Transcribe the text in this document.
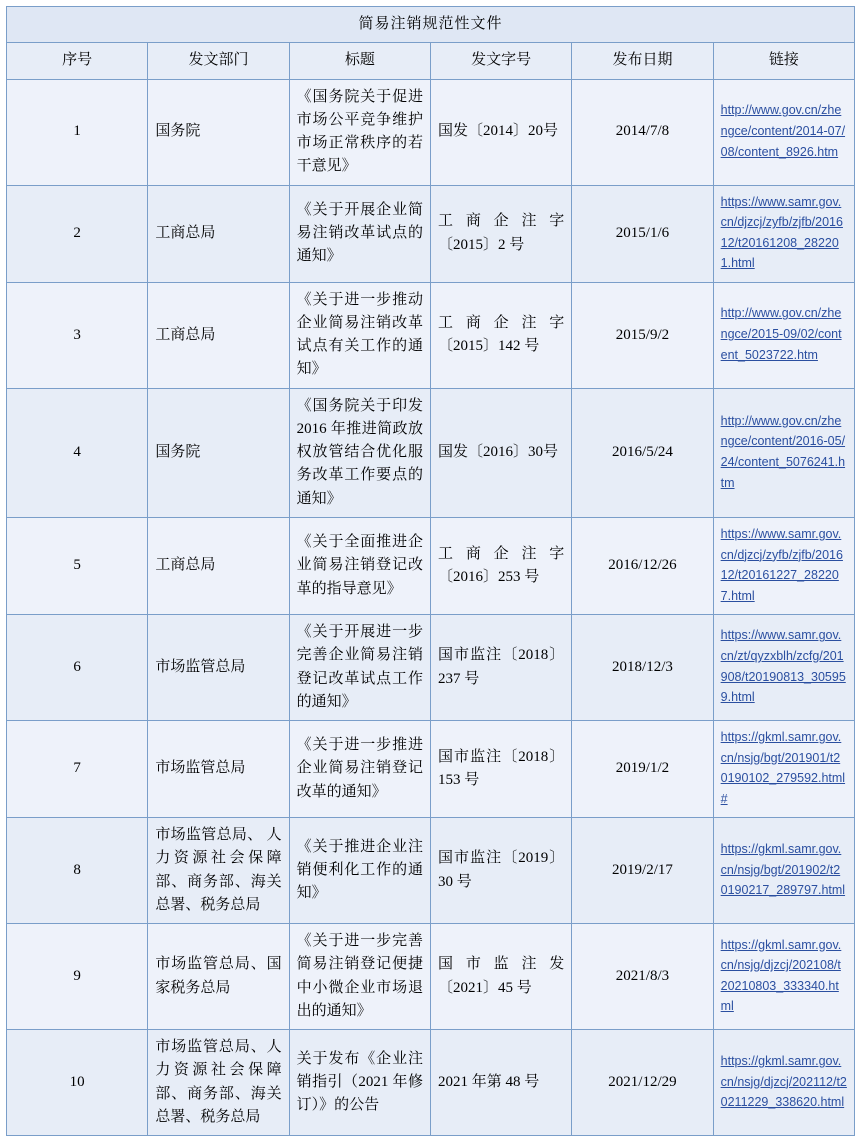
简易注销规范性文件					
序号	发文部门	标题	发文字号	发布日期	链接
1	国务院	《国务院关于促进市场公平竞争维护市场正常秩序的若干意见》	国发〔2014〕20号	2014/7/8	http://www.gov.cn/zhengce/content/2014-07/08/content_8926.htm
2	工商总局	《关于开展企业简易注销改革试点的通知》	工商企注字〔2015〕2 号	2015/1/6	https://www.samr.gov.cn/djzcj/zyfb/zjfb/201612/t20161208_282201.html
3	工商总局	《关于进一步推动企业简易注销改革试点有关工作的通知》	工商企注字〔2015〕142 号	2015/9/2	http://www.gov.cn/zhengce/2015-09/02/content_5023722.htm
4	国务院	《国务院关于印发 2016 年推进简政放权放管结合优化服务改革工作要点的通知》	国发〔2016〕30号	2016/5/24	http://www.gov.cn/zhengce/content/2016-05/24/content_5076241.htm
5	工商总局	《关于全面推进企业简易注销登记改革的指导意见》	工商企注字〔2016〕253 号	2016/12/26	https://www.samr.gov.cn/djzcj/zyfb/zjfb/201612/t20161227_282207.html
6	市场监管总局	《关于开展进一步完善企业简易注销登记改革试点工作的通知》	国市监注〔2018〕237 号	2018/12/3	https://www.samr.gov.cn/zt/qyzxblh/zcfg/201908/t20190813_305959.html
7	市场监管总局	《关于进一步推进企业简易注销登记改革的通知》	国市监注〔2018〕153 号	2019/1/2	https://gkml.samr.gov.cn/nsjg/bgt/201901/t20190102_279592.html#
8	市场监管总局、 人力资源社会保障部、商务部、海关总署、税务总局	《关于推进企业注销便利化工作的通知》	国市监注〔2019〕30 号	2019/2/17	https://gkml.samr.gov.cn/nsjg/bgt/201902/t20190217_289797.html
9	市场监管总局、国家税务总局	《关于进一步完善简易注销登记便捷中小微企业市场退出的通知》	国市监注发〔2021〕45 号	2021/8/3	https://gkml.samr.gov.cn/nsjg/djzcj/202108/t20210803_333340.html
10	市场监管总局、人力资源社会保障部、商务部、海关总署、税务总局	关于发布《企业注销指引（2021 年修订）》的公告	2021 年第 48 号	2021/12/29	https://gkml.samr.gov.cn/nsjg/djzcj/202112/t20211229_338620.html
